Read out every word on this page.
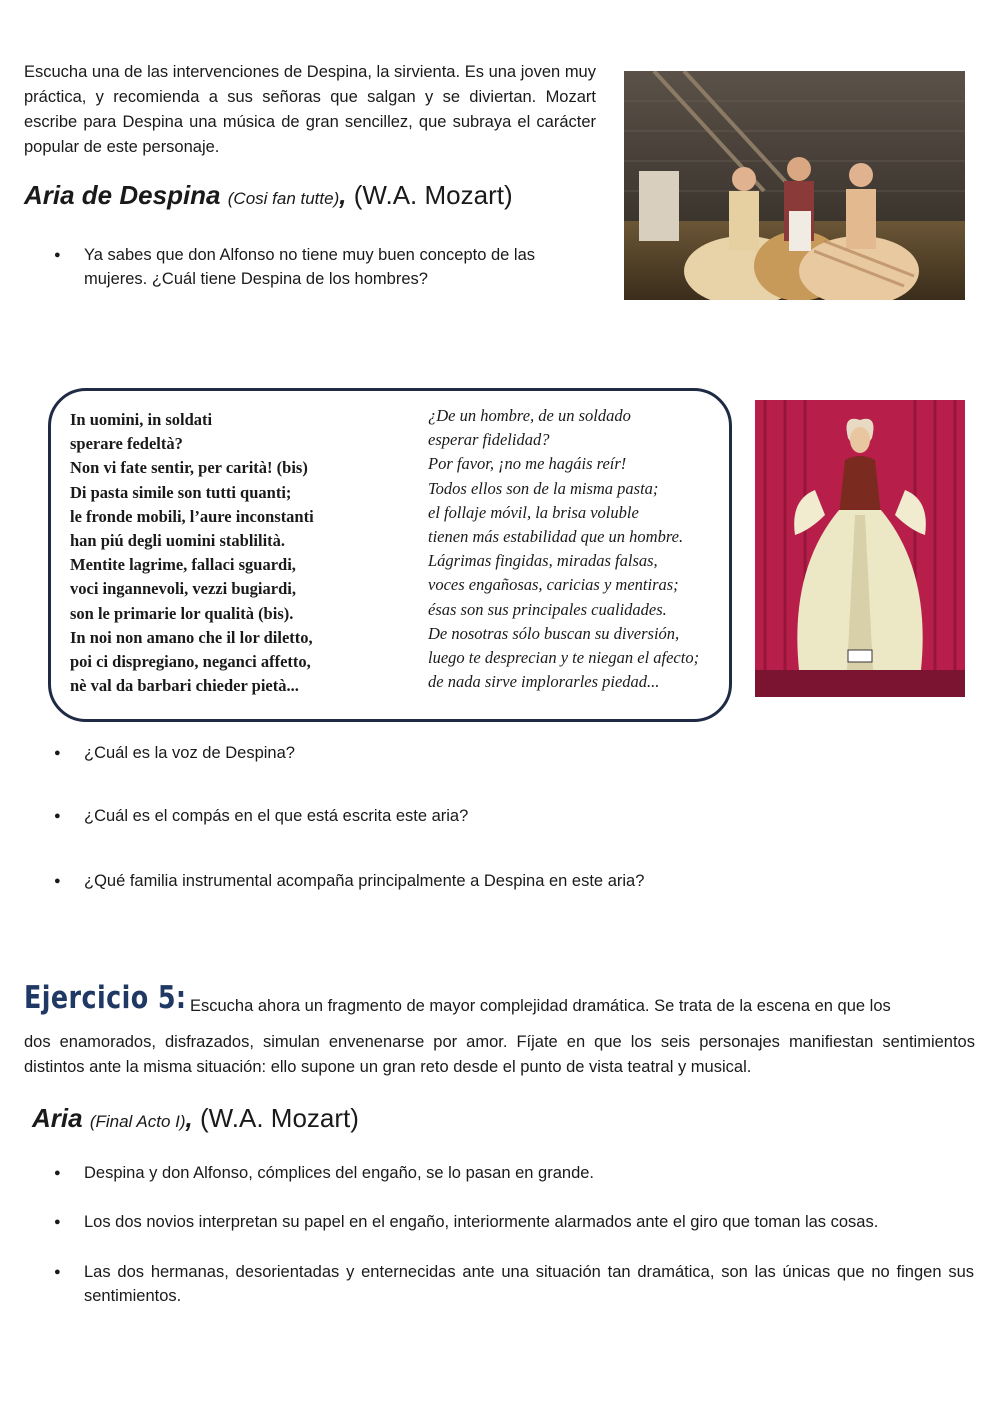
Escucha una de las intervenciones de Despina, la sirvienta. Es una joven muy práctica, y recomienda a sus señoras que salgan y se diviertan. Mozart escribe para Despina una música de gran sencillez, que subraya el carácter popular de este personaje.
Aria de Despina (Cosi fan tutte), (W.A. Mozart)
● Ya sabes que don Alfonso no tiene muy buen concepto de las mujeres. ¿Cuál tiene Despina de los hombres?
In uomini, in soldati
sperare fedeltà?
Non vi fate sentir, per carità! (bis)
Di pasta simile son tutti quanti;
le fronde mobili, l’aure inconstanti
han piú degli uomini stablilità.
Mentite lagrime, fallaci sguardi,
voci ingannevoli, vezzi bugiardi,
son le primarie lor qualità (bis).
In noi non amano che il lor diletto,
poi ci dispregiano, neganci affetto,
nè val da barbari chieder pietà...
¿De un hombre, de un soldado
esperar fidelidad?
Por favor, ¡no me hagáis reír!
Todos ellos son de la misma pasta;
el follaje móvil, la brisa voluble
tienen más estabilidad que un hombre.
Lágrimas fingidas, miradas falsas,
voces engañosas, caricias y mentiras;
ésas son sus principales cualidades.
De nosotras sólo buscan su diversión,
luego te desprecian y te niegan el afecto;
de nada sirve implorarles piedad...
● ¿Cuál es la voz de Despina?
● ¿Cuál es el compás en el que está escrita este aria?
● ¿Qué familia instrumental acompaña principalmente a Despina en este aria?
Ejercicio 5: Escucha ahora un fragmento de mayor complejidad dramática. Se trata de la escena en que los
dos enamorados, disfrazados, simulan envenenarse por amor. Fíjate en que los seis personajes manifiestan sentimientos distintos ante la misma situación: ello supone un gran reto desde el punto de vista teatral y musical.
Aria (Final Acto I), (W.A. Mozart)
● Despina y don Alfonso, cómplices del engaño, se lo pasan en grande.
● Los dos novios interpretan su papel en el engaño, interiormente alarmados ante el giro que toman las cosas.
● Las dos hermanas, desorientadas y enternecidas ante una situación tan dramática, son las únicas que no fingen sus sentimientos.
